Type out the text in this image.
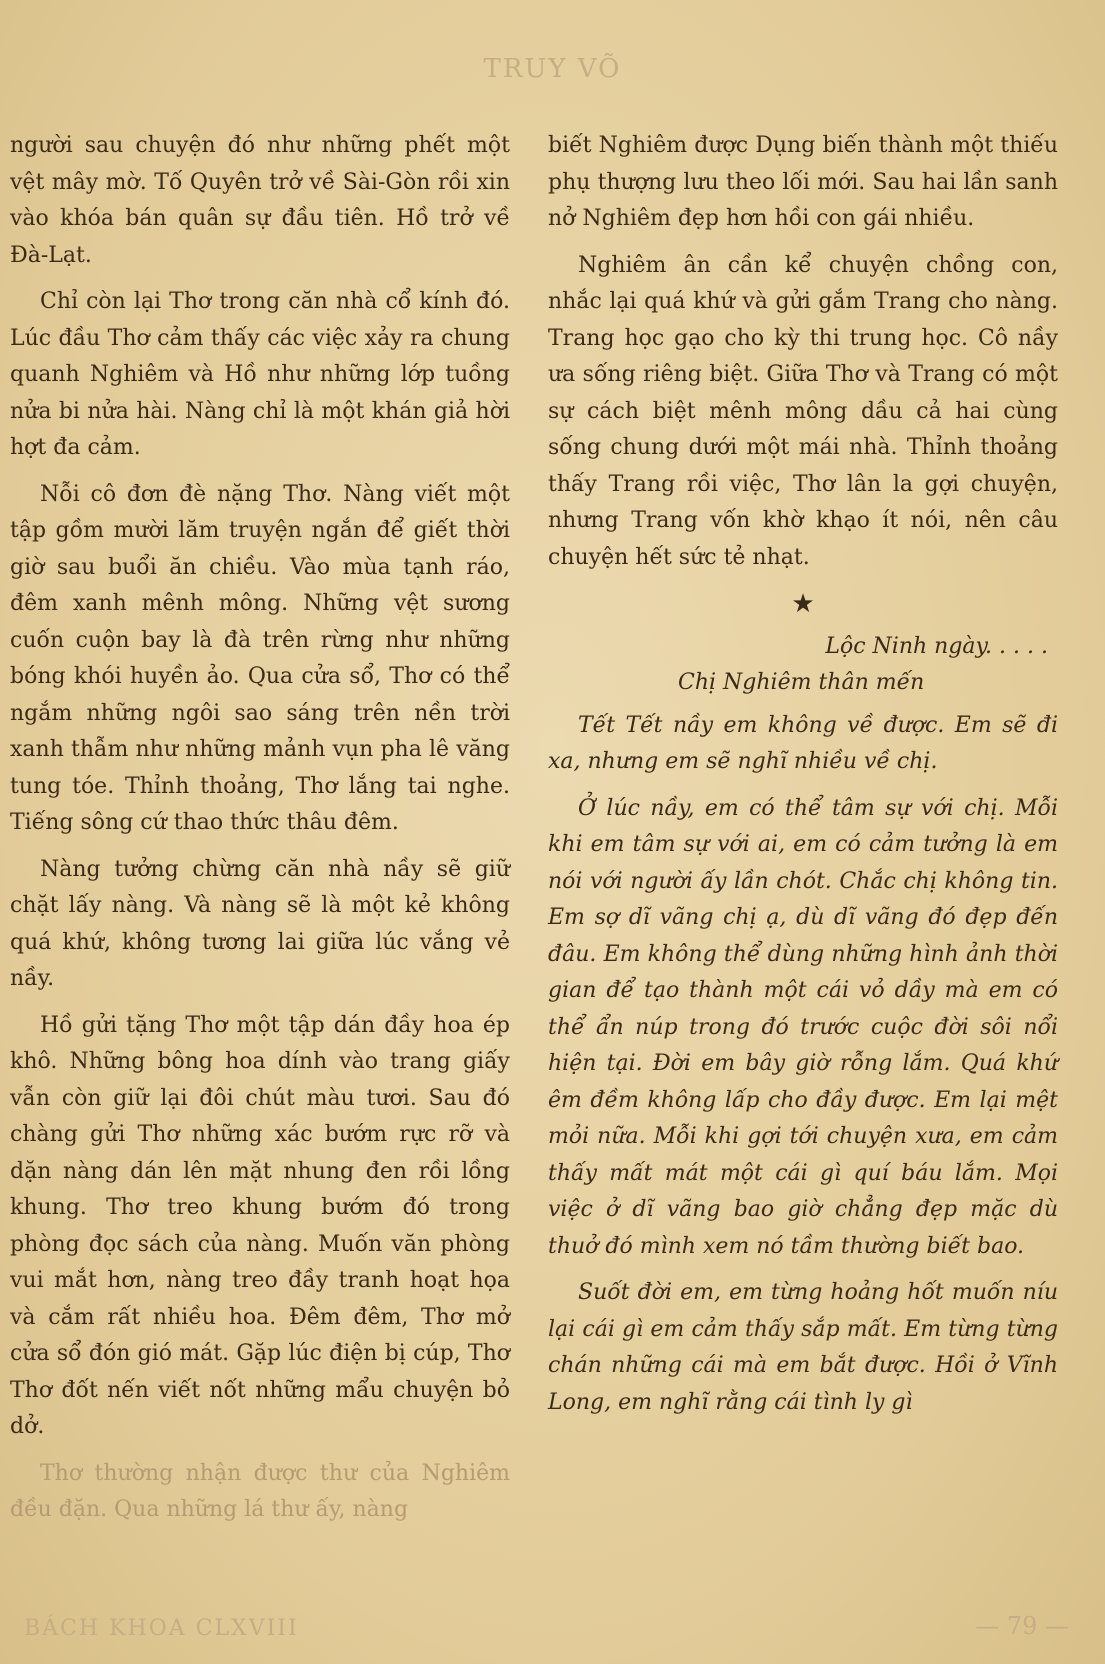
TRUY VÕ

người sau chuyện đó như những phết một vệt mây mờ. Tố Quyên trở về Sài-Gòn rồi xin vào khóa bán quân sự đầu tiên. Hồ trở về Đà-Lạt.

Chỉ còn lại Thơ trong căn nhà cổ kính đó. Lúc đầu Thơ cảm thấy các việc xảy ra chung quanh Nghiêm và Hồ như những lớp tuồng nửa bi nửa hài. Nàng chỉ là một khán giả hời hợt đa cảm.

Nỗi cô đơn đè nặng Thơ. Nàng viết một tập gồm mười lăm truyện ngắn để giết thời giờ sau buổi ăn chiều. Vào mùa tạnh ráo, đêm xanh mênh mông. Những vệt sương cuốn cuộn bay là đà trên rừng như những bóng khói huyền ảo. Qua cửa sổ, Thơ có thể ngắm những ngôi sao sáng trên nền trời xanh thẫm như những mảnh vụn pha lê văng tung tóe. Thỉnh thoảng, Thơ lắng tai nghe. Tiếng sông cứ thao thức thâu đêm.

Nàng tưởng chừng căn nhà nầy sẽ giữ chặt lấy nàng. Và nàng sẽ là một kẻ không quá khứ, không tương lai giữa lúc vắng vẻ nầy.

Hồ gửi tặng Thơ một tập dán đầy hoa ép khô. Những bông hoa dính vào trang giấy vẫn còn giữ lại đôi chút màu tươi. Sau đó chàng gửi Thơ những xác bướm rực rỡ và dặn nàng dán lên mặt nhung đen rồi lồng khung. Thơ treo khung bướm đó trong phòng đọc sách của nàng. Muốn văn phòng vui mắt hơn, nàng treo đầy tranh hoạt họa và cắm rất nhiều hoa. Đêm đêm, Thơ mở cửa sổ đón gió mát. Gặp lúc điện bị cúp, Thơ Thơ đốt nến viết nốt những mẩu chuyện bỏ dở.

Thơ thường nhận được thư của Nghiêm đều đặn. Qua những lá thư ấy, nàng

biết Nghiêm được Dụng biến thành một thiếu phụ thượng lưu theo lối mới. Sau hai lần sanh nở Nghiêm đẹp hơn hồi con gái nhiều.

Nghiêm ân cần kể chuyện chồng con, nhắc lại quá khứ và gửi gắm Trang cho nàng. Trang học gạo cho kỳ thi trung học. Cô nầy ưa sống riêng biệt. Giữa Thơ và Trang có một sự cách biệt mênh mông dầu cả hai cùng sống chung dưới một mái nhà. Thỉnh thoảng thấy Trang rồi việc, Thơ lân la gợi chuyện, nhưng Trang vốn khờ khạo ít nói, nên câu chuyện hết sức tẻ nhạt.

★

Lộc Ninh ngày. . . . .

Chị Nghiêm thân mến

Tết Tết nầy em không về được. Em sẽ đi xa, nhưng em sẽ nghĩ nhiều về chị.

Ở lúc nầy, em có thể tâm sự với chị. Mỗi khi em tâm sự với ai, em có cảm tưởng là em nói với người ấy lần chót. Chắc chị không tin. Em sợ dĩ vãng chị ạ, dù dĩ vãng đó đẹp đến đâu. Em không thể dùng những hình ảnh thời gian để tạo thành một cái vỏ dầy mà em có thể ẩn núp trong đó trước cuộc đời sôi nổi hiện tại. Đời em bây giờ rỗng lắm. Quá khứ êm đềm không lấp cho đầy được. Em lại mệt mỏi nữa. Mỗi khi gợi tới chuyện xưa, em cảm thấy mất mát một cái gì quí báu lắm. Mọi việc ở dĩ vãng bao giờ chẳng đẹp mặc dù thuở đó mình xem nó tầm thường biết bao.

Suốt đời em, em từng hoảng hốt muốn níu lại cái gì em cảm thấy sắp mất. Em từng từng chán những cái mà em bắt được. Hồi ở Vĩnh Long, em nghĩ rằng cái tình ly gì

BÁCH KHOA CLXVIII	— 79 —
